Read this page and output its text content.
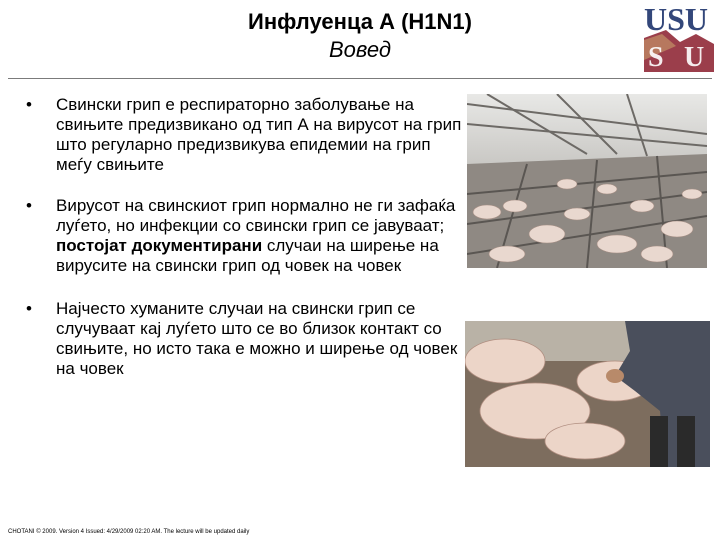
Инфлуенца А (H1N1)
Вовед
USU
S U
• Свински грип е респираторно заболување на свињите предизвикано од тип А на вирусот на грип што регуларно предизвикува епидемии на грип меѓу свињите
• Вирусот на свинскиот грип нормално не ги зафаќа луѓето, но инфекции со свински грип се јавуваат; постојат документирани случаи на ширење на вирусите на свински грип од човек на човек
• Најчесто хуманите случаи на свински грип се случуваат кај луѓето што се во близок контакт со свињите, но исто така е можно и ширење од човек на човек
CHOTANI © 2009. Version 4 Issued: 4/29/2009 02:20 AM. The lecture will be updated daily
